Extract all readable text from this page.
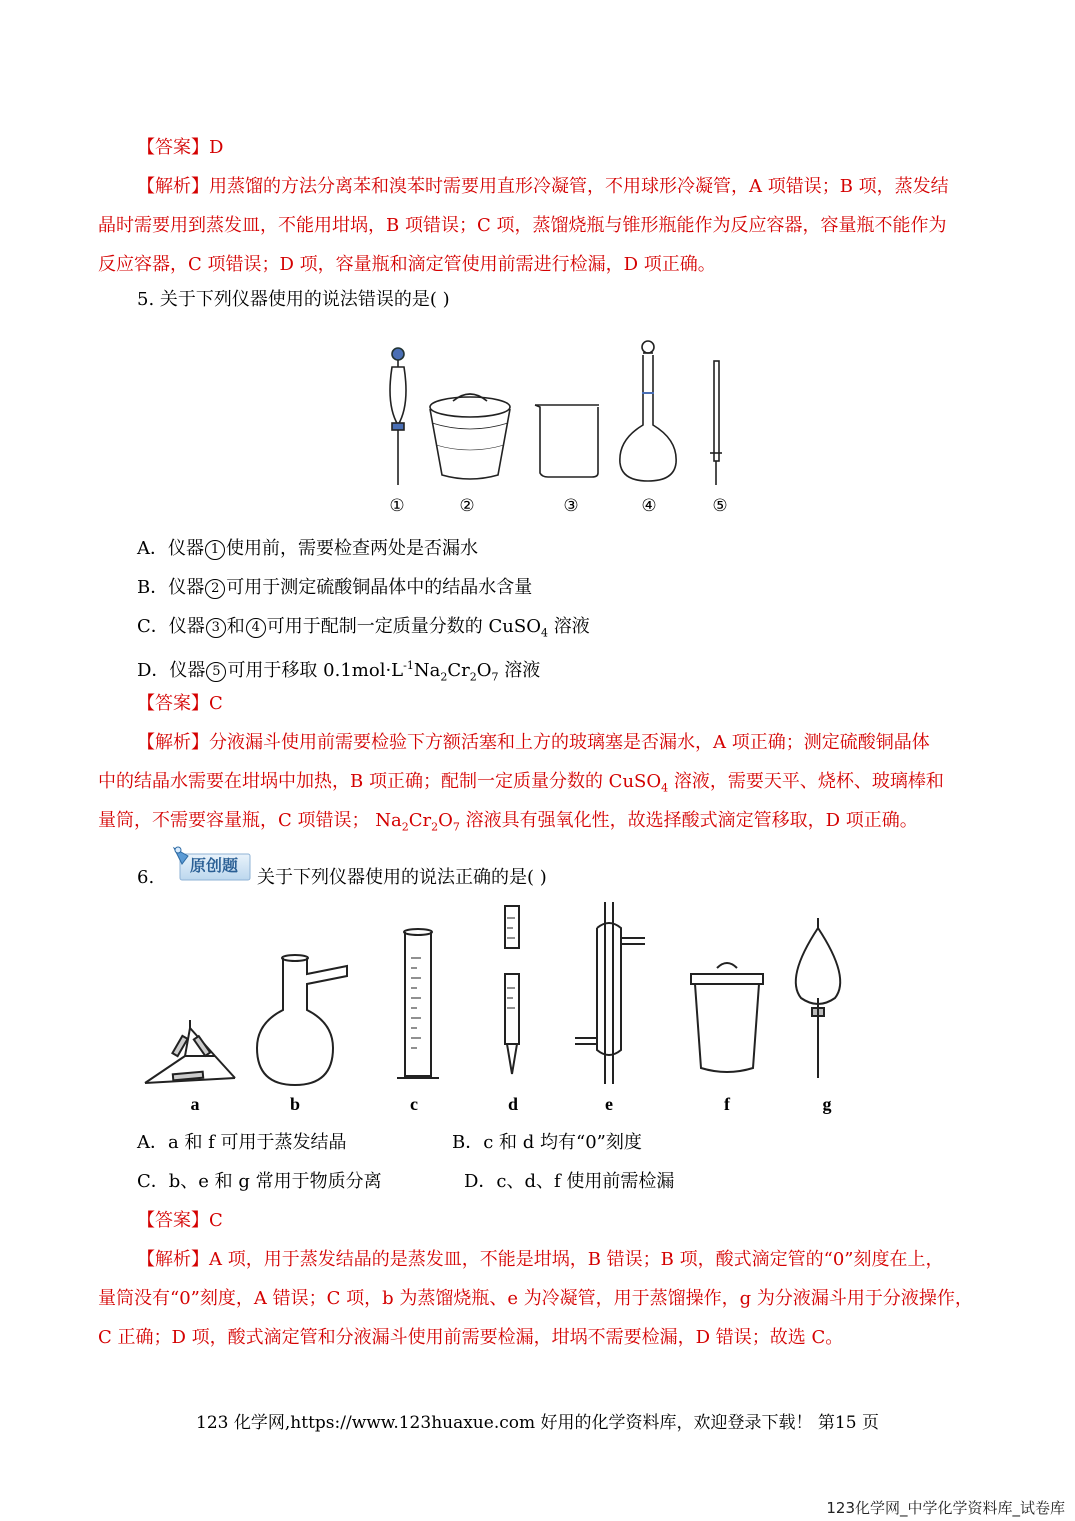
【答案】D
【解析】用蒸馏的方法分离苯和溴苯时需要用直形冷凝管，不用球形冷凝管，A 项错误；B 项，蒸发结
晶时需要用到蒸发皿，不能用坩埚，B 项错误；C 项，蒸馏烧瓶与锥形瓶能作为反应容器，容量瓶不能作为
反应容器，C 项错误；D 项，容量瓶和滴定管使用前需进行检漏，D 项正确。
5. 关于下列仪器使用的说法错误的是( )
①	②	③	④	⑤
A．仪器 1 使用前，需要检查两处是否漏水
B．仪器 2 可用于测定硫酸铜晶体中的结晶水含量
C．仪器 3 和 4 可用于配制一定质量分数的 CuSO$_4$ 溶液
D．仪器 5 可用于移取 $0.1mol\cdot L^{-1}Na_2Cr_2O_7$ 溶液
【答案】C
【解析】分液漏斗使用前需要检验下方额活塞和上方的玻璃塞是否漏水，A 项正确；测定硫酸铜晶体
中的结晶水需要在坩埚中加热，B 项正确；配制一定质量分数的 CuSO$_4$ 溶液，需要天平、烧杯、玻璃棒和
量筒，不需要容量瓶，C 项错误； $Na_2Cr_2O_7$ 溶液具有强氧化性，故选择酸式滴定管移取，D 项正确。
6.
原创题
关于下列仪器使用的说法正确的是( )
a	b	c	d	e	f	g
A．a 和 f 可用于蒸发结晶	B．c 和 d 均有“0”刻度
C．b、e 和 g 常用于物质分离	D．c、d、f 使用前需检漏
【答案】C
【解析】A 项，用于蒸发结晶的是蒸发皿，不能是坩埚，B 错误；B 项，酸式滴定管的“0”刻度在上，
量筒没有“0”刻度，A 错误；C 项，b 为蒸馏烧瓶、e 为冷凝管，用于蒸馏操作，g 为分液漏斗用于分液操作，
C 正确；D 项，酸式滴定管和分液漏斗使用前需要检漏，坩埚不需要检漏，D 错误；故选 C。
123 化学网,https://www.123huaxue.com 好用的化学资料库，欢迎登录下载！ 第15 页
123化学网_中学化学资料库_试卷库
